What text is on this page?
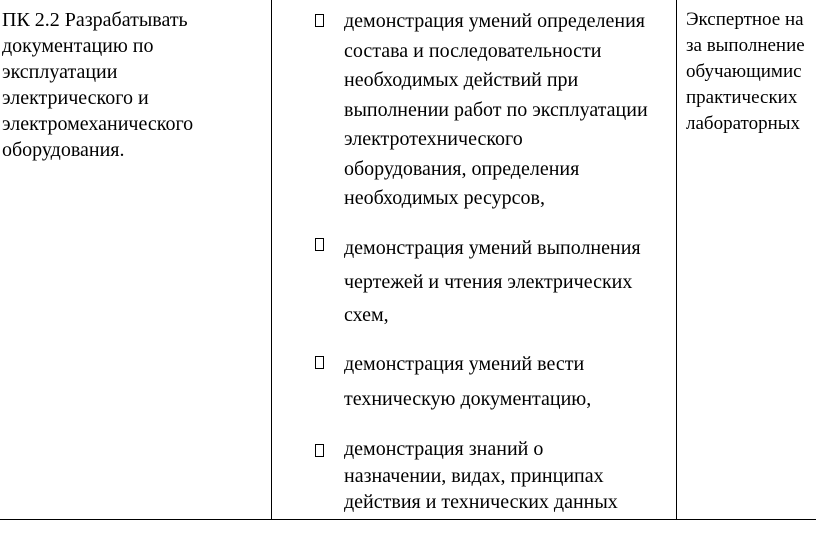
ПК 2.2 Разрабатывать
документацию по
эксплуатации
электрического и
электромеханического
оборудования.
демонстрация умений определения
состава и последовательности
необходимых действий при
выполнении работ по эксплуатации
электротехнического
оборудования, определения
необходимых ресурсов,
демонстрация умений выполнения
чертежей и чтения электрических
схем,
демонстрация умений вести
техническую документацию,
демонстрация знаний о
назначении, видах, принципах
действия и технических данных
Экспертное на
за выполнение
обучающимис
практических
лабораторных
